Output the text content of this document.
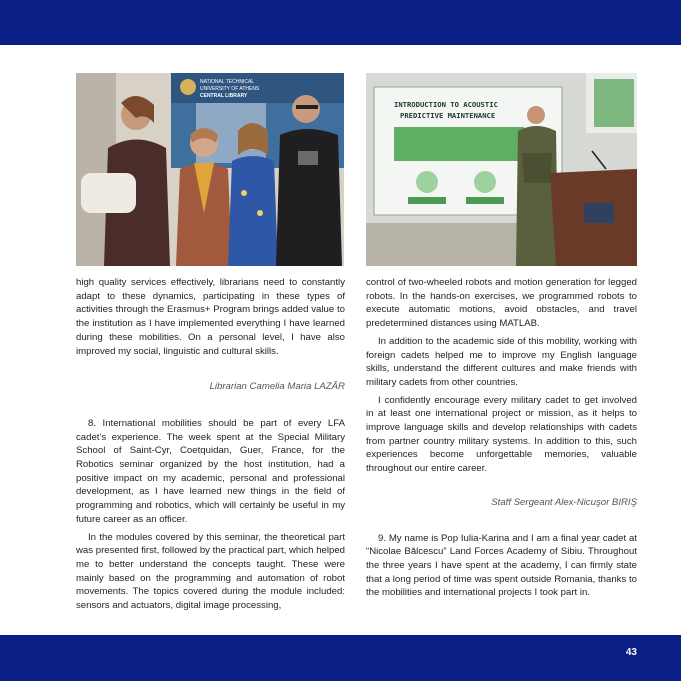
NATIONAL TECHNICAL
UNIVERSITY OF ATHENS
CENTRAL LIBRARY
INTRODUCTION TO ACOUSTIC
PREDICTIVE MAINTENANCE

high quality services effectively, librarians need to constantly adapt to these dynamics, participating in these types of activities through the Erasmus+ Program brings added value to the institution as I have implemented everything I have learned during these mobilities. On a personal level, I have also improved my social, linguistic and cultural skills.

Librarian Camelia Maria LAZĂR

8. International mobilities should be part of every LFA cadet’s experience. The week spent at the Special Military School of Saint-Cyr, Coetquidan, Guer, France, for the Robotics seminar organized by the host institution, had a positive impact on my academic, personal and professional development, as I have learned new things in the field of programming and robotics, which will certainly be useful in my future career as an officer.

In the modules covered by this seminar, the theoretical part was presented first, followed by the practical part, which helped me to better understand the concepts taught. These were mainly based on the programming and automation of robot movements. The topics covered during the module included: sensors and actuators, digital image processing,

control of two-wheeled robots and motion generation for legged robots. In the hands-on exercises, we programmed robots to execute automatic motions, avoid obstacles, and travel predetermined distances using MATLAB.

In addition to the academic side of this mobility, working with foreign cadets helped me to improve my English language skills, understand the different cultures and make friends with military cadets from other countries.

I confidently encourage every military cadet to get involved in at least one international project or mission, as it helps to improve language skills and develop relationships with cadets from partner country military systems. In addition to this, such experiences become unforgettable memories, valuable throughout our entire career.

Staff Sergeant Alex-Nicuşor BIRIŞ

9. My name is Pop Iulia-Karina and I am a final year cadet at “Nicolae Bălcescu” Land Forces Academy of Sibiu. Throughout the three years I have spent at the academy, I can firmly state that a long period of time was spent outside Romania, thanks to the mobilities and international projects I took part in.

43
